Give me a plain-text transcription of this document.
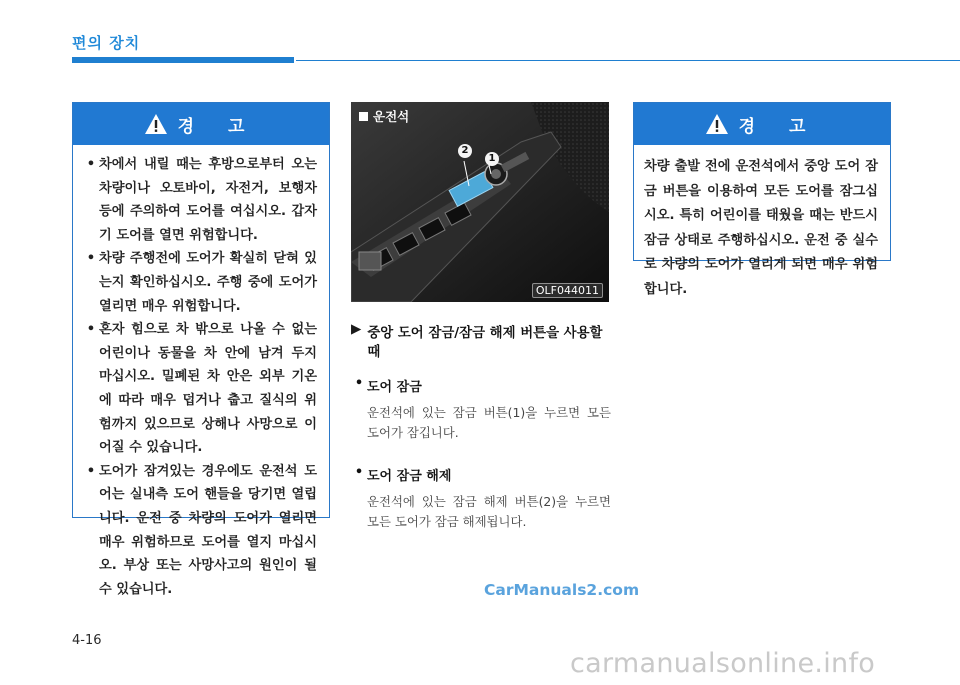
편의 장치
경 고
• 차에서 내릴 때는 후방으로부터 오는 차량이나 오토바이, 자전거, 보행자 등에 주의하여 도어를 여십시오. 갑자기 도어를 열면 위험합니다.
• 차량 주행전에 도어가 확실히 닫혀 있는지 확인하십시오. 주행 중에 도어가 열리면 매우 위험합니다.
• 혼자 힘으로 차 밖으로 나올 수 없는 어린이나 동물을 차 안에 남겨 두지 마십시오. 밀폐된 차 안은 외부 기온에 따라 매우 덥거나 춥고 질식의 위험까지 있으므로 상해나 사망으로 이어질 수 있습니다.
• 도어가 잠겨있는 경우에도 운전석 도어는 실내측 도어 핸들을 당기면 열립니다. 운전 중 차량의 도어가 열리면 매우 위험하므로 도어를 열지 마십시오. 부상 또는 사망사고의 원인이 될 수 있습니다.
운전석
2
1
OLF044011
▶ 중앙 도어 잠금/잠금 해제 버튼을 사용할 때
• 도어 잠금
운전석에 있는 잠금 버튼(1)을 누르면 모든 도어가 잠깁니다.
• 도어 잠금 해제
운전석에 있는 잠금 해제 버튼(2)을 누르면 모든 도어가 잠금 해제됩니다.
경 고
차량 출발 전에 운전석에서 중앙 도어 잠금 버튼을 이용하여 모든 도어를 잠그십시오. 특히 어린이를 태웠을 때는 반드시 잠금 상태로 주행하십시오. 운전 중 실수로 차량의 도어가 열리게 되면 매우 위험합니다.
CarManuals2.com
4-16
carmanualsonline.info
